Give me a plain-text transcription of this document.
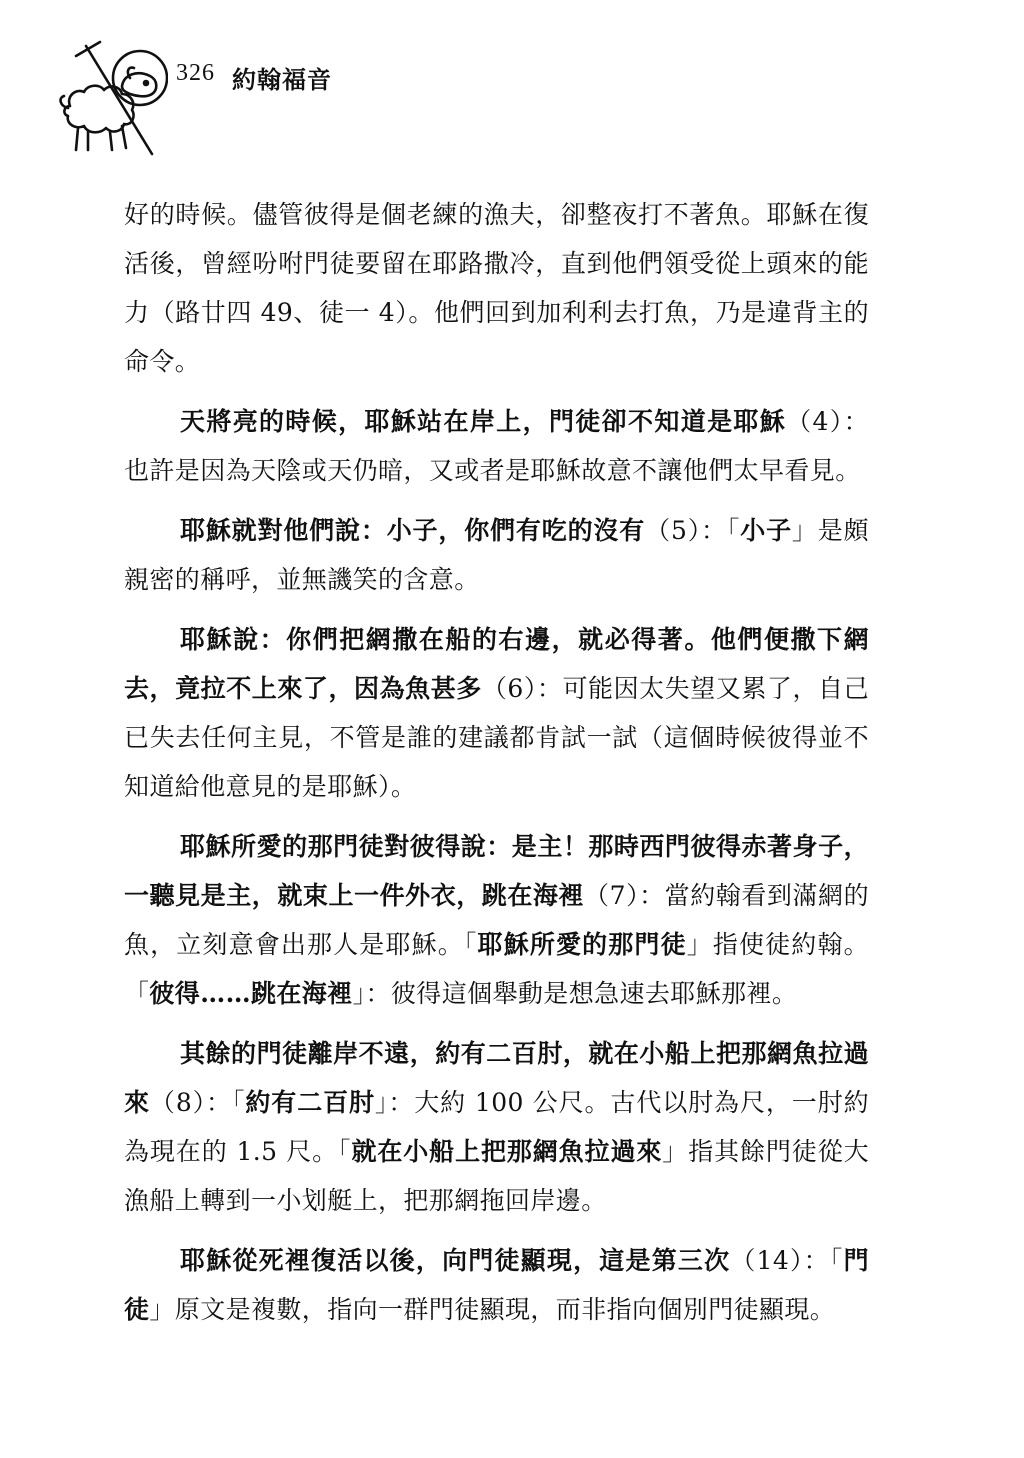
326 約翰福音

好的時候。儘管彼得是個老練的漁夫，卻整夜打不著魚。耶穌在復活後，曾經吩咐門徒要留在耶路撒冷，直到他們領受從上頭來的能力（路廿四 49、徒一 4）。他們回到加利利去打魚，乃是違背主的命令。

天將亮的時候，耶穌站在岸上，門徒卻不知道是耶穌（4）：也許是因為天陰或天仍暗，又或者是耶穌故意不讓他們太早看見。

耶穌就對他們說：小子，你們有吃的沒有（5）：「小子」是頗親密的稱呼，並無譏笑的含意。

耶穌說：你們把網撒在船的右邊，就必得著。他們便撒下網去，竟拉不上來了，因為魚甚多（6）：可能因太失望又累了，自己已失去任何主見，不管是誰的建議都肯試一試（這個時候彼得並不知道給他意見的是耶穌）。

耶穌所愛的那門徒對彼得說：是主！那時西門彼得赤著身子，一聽見是主，就束上一件外衣，跳在海裡（7）：當約翰看到滿網的魚，立刻意會出那人是耶穌。「耶穌所愛的那門徒」指使徒約翰。「彼得……跳在海裡」：彼得這個舉動是想急速去耶穌那裡。

其餘的門徒離岸不遠，約有二百肘，就在小船上把那網魚拉過來（8）：「約有二百肘」：大約 100 公尺。古代以肘為尺，一肘約為現在的 1.5 尺。「就在小船上把那網魚拉過來」指其餘門徒從大漁船上轉到一小划艇上，把那網拖回岸邊。

耶穌從死裡復活以後，向門徒顯現，這是第三次（14）：「門徒」原文是複數，指向一群門徒顯現，而非指向個別門徒顯現。
